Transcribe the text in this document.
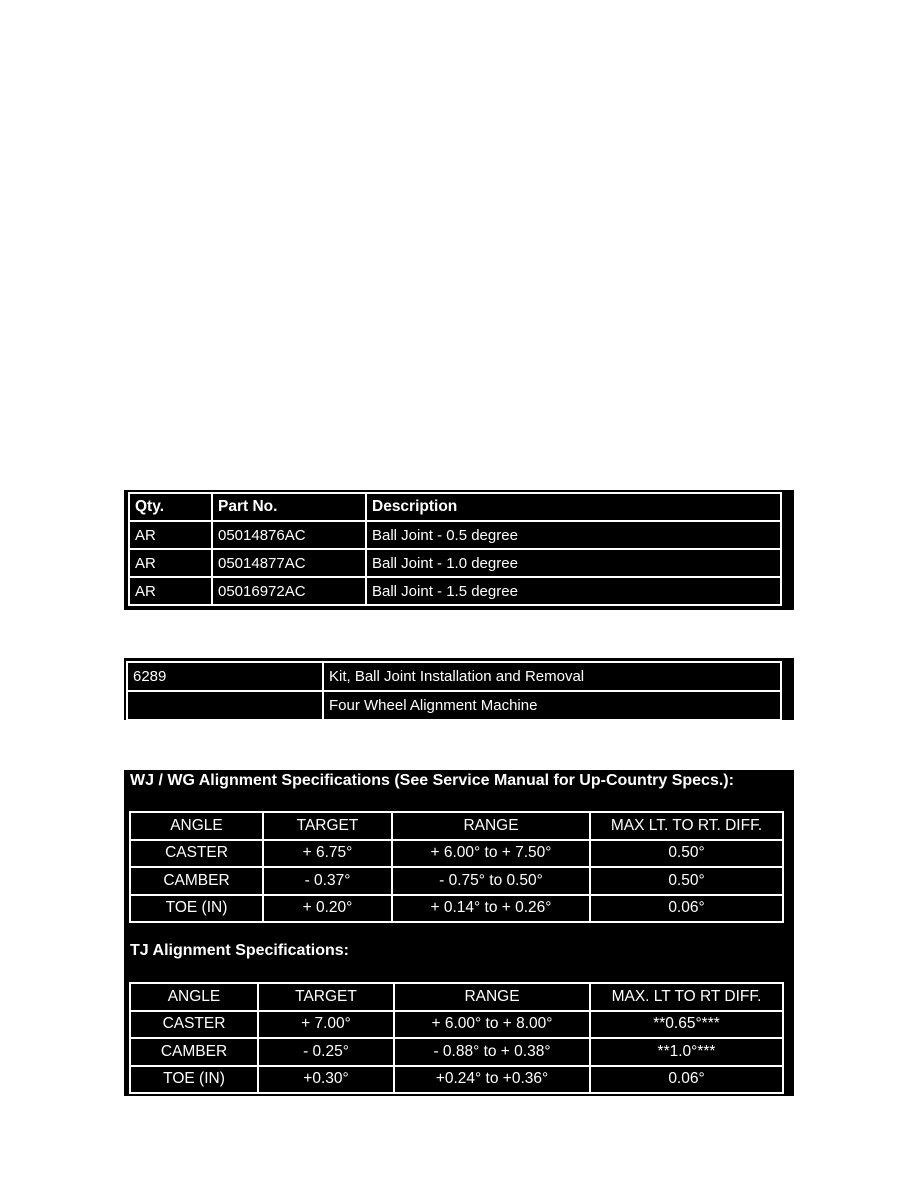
Qty.	Part No.	Description
AR	05014876AC	Ball Joint - 0.5 degree
AR	05014877AC	Ball Joint - 1.0 degree
AR	05016972AC	Ball Joint - 1.5 degree
6289	Kit, Ball Joint Installation and Removal
	Four Wheel Alignment Machine
WJ / WG Alignment Specifications (See Service Manual for Up-Country Specs.):
ANGLE	TARGET	RANGE	MAX LT. TO RT. DIFF.
CASTER	+ 6.75°	+ 6.00° to + 7.50°	0.50°
CAMBER	- 0.37°	- 0.75° to 0.50°	0.50°
TOE (IN)	+ 0.20°	+ 0.14° to + 0.26°	0.06°
TJ Alignment Specifications:
ANGLE	TARGET	RANGE	MAX. LT TO RT DIFF.
CASTER	+ 7.00°	+ 6.00° to + 8.00°	**0.65°***
CAMBER	- 0.25°	- 0.88° to + 0.38°	**1.0°***
TOE (IN)	+0.30°	+0.24° to +0.36°	0.06°
